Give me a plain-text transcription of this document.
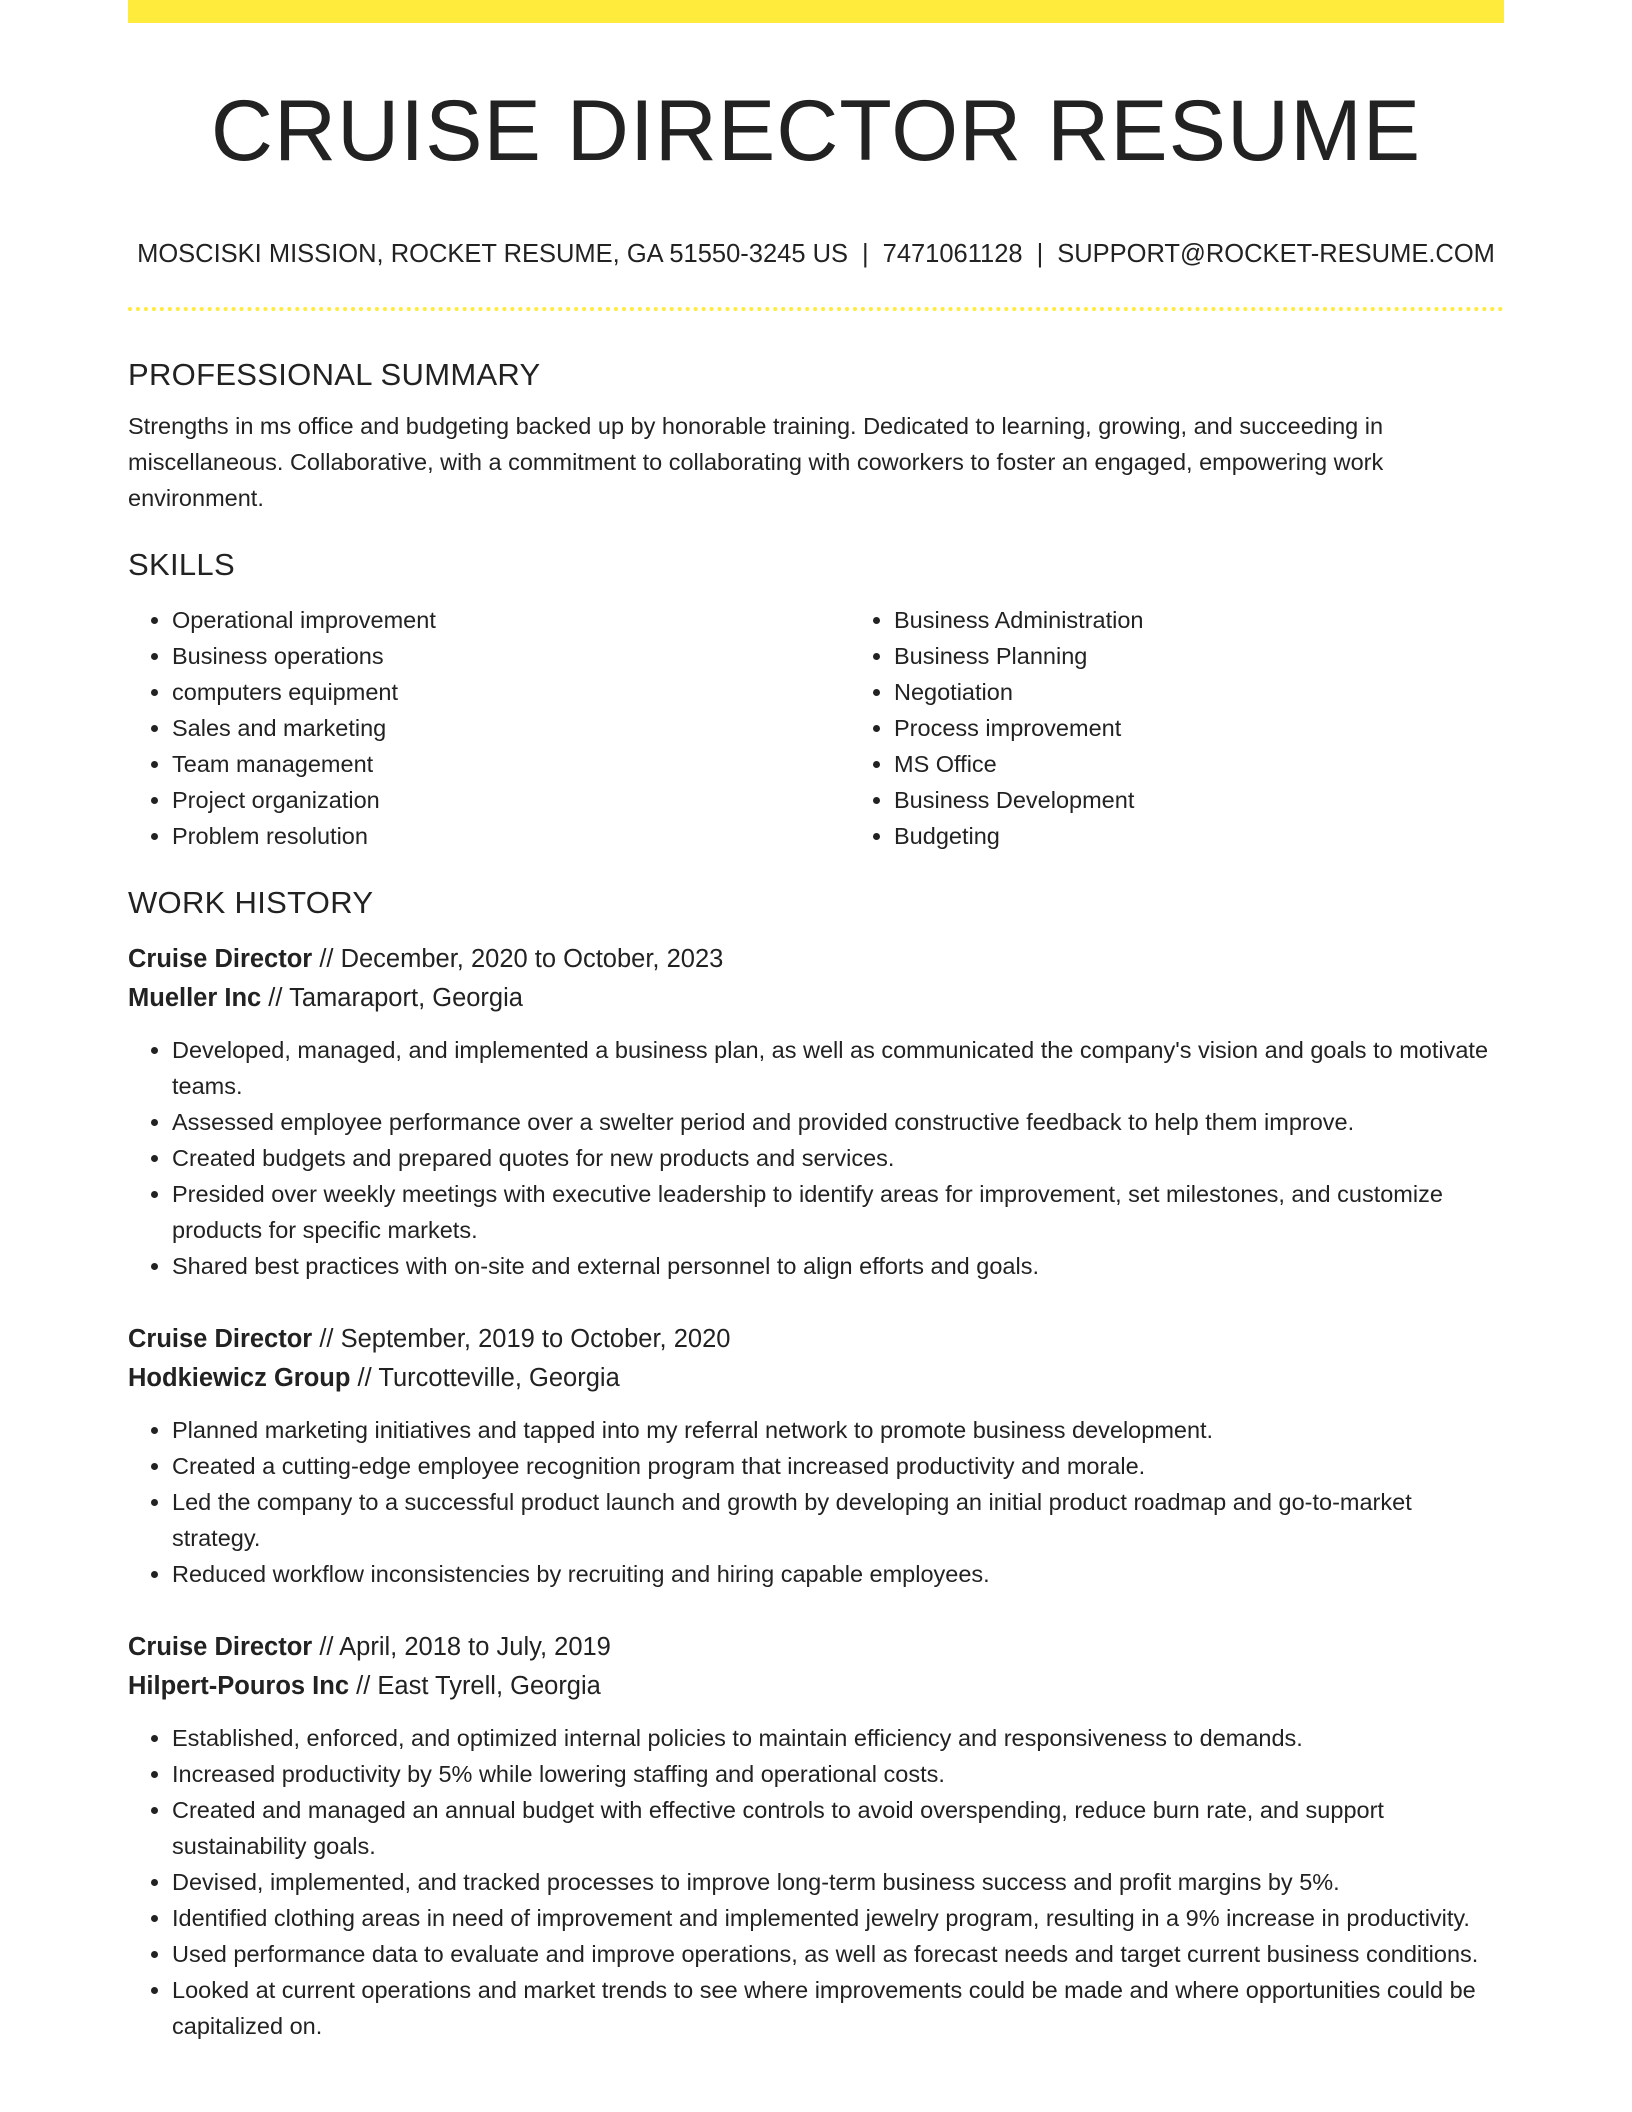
CRUISE DIRECTOR RESUME
MOSCISKI MISSION, ROCKET RESUME, GA 51550-3245 US | 7471061128 | SUPPORT@ROCKET-RESUME.COM
PROFESSIONAL SUMMARY

Strengths in ms office and budgeting backed up by honorable training. Dedicated to learning, growing, and succeeding in miscellaneous. Collaborative, with a commitment to collaborating with coworkers to foster an engaged, empowering work environment.

SKILLS
• Operational improvement
• Business operations
• computers equipment
• Sales and marketing
• Team management
• Project organization
• Problem resolution
• Business Administration
• Business Planning
• Negotiation
• Process improvement
• MS Office
• Business Development
• Budgeting
WORK HISTORY
Cruise Director // December, 2020 to October, 2023
Mueller Inc // Tamaraport, Georgia
• Developed, managed, and implemented a business plan, as well as communicated the company's vision and goals to motivate teams.
• Assessed employee performance over a swelter period and provided constructive feedback to help them improve.
• Created budgets and prepared quotes for new products and services.
• Presided over weekly meetings with executive leadership to identify areas for improvement, set milestones, and customize products for specific markets.
• Shared best practices with on-site and external personnel to align efforts and goals.
Cruise Director // September, 2019 to October, 2020
Hodkiewicz Group // Turcotteville, Georgia
• Planned marketing initiatives and tapped into my referral network to promote business development.
• Created a cutting-edge employee recognition program that increased productivity and morale.
• Led the company to a successful product launch and growth by developing an initial product roadmap and go-to-market strategy.
• Reduced workflow inconsistencies by recruiting and hiring capable employees.
Cruise Director // April, 2018 to July, 2019
Hilpert-Pouros Inc // East Tyrell, Georgia
• Established, enforced, and optimized internal policies to maintain efficiency and responsiveness to demands.
• Increased productivity by 5% while lowering staffing and operational costs.
• Created and managed an annual budget with effective controls to avoid overspending, reduce burn rate, and support sustainability goals.
• Devised, implemented, and tracked processes to improve long-term business success and profit margins by 5%.
• Identified clothing areas in need of improvement and implemented jewelry program, resulting in a 9% increase in productivity.
• Used performance data to evaluate and improve operations, as well as forecast needs and target current business conditions.
• Looked at current operations and market trends to see where improvements could be made and where opportunities could be capitalized on.
